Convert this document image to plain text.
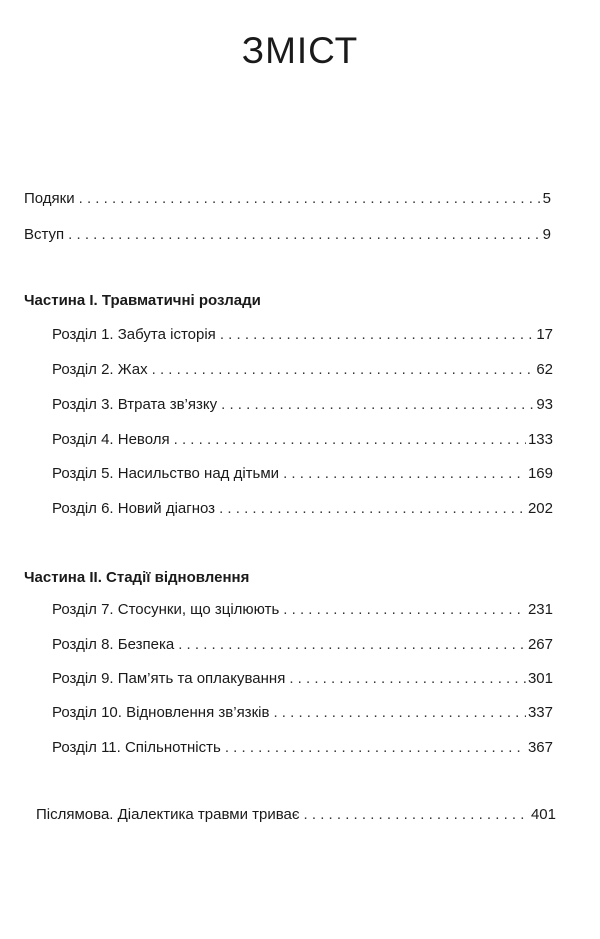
ЗМІСТ
Подяки . . .	5
Вступ . . .	9
Частина І. Травматичні розлади
Розділ 1. Забута історія . . .	17
Розділ 2. Жах . . .	62
Розділ 3. Втрата зв’язку . . .	93
Розділ 4. Неволя . . .	133
Розділ 5. Насильство над дітьми . . .	169
Розділ 6. Новий діагноз . . .	202
Частина ІІ. Стадії відновлення
Розділ 7. Стосунки, що зцілюють . . .	231
Розділ 8. Безпека . . .	267
Розділ 9. Пам’ять та оплакування . . .	301
Розділ 10. Відновлення зв’язків . . .	337
Розділ 11. Спільнотність . . .	367
Післямова. Діалектика травми триває . . .	401
